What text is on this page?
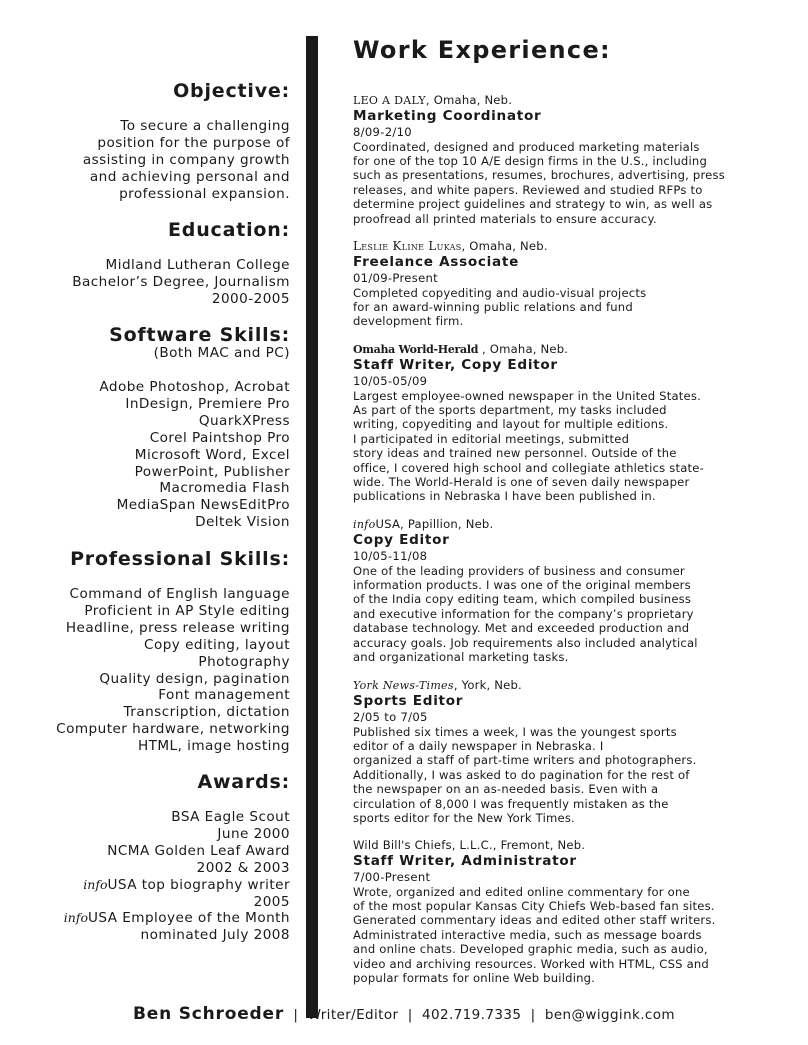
Objective:
To secure a challenging
position for the purpose of
assisting in company growth
and achieving personal and
professional expansion.
Education:
Midland Lutheran College
Bachelor’s Degree, Journalism
2000-2005
Software Skills:
(Both MAC and PC)
Adobe Photoshop, Acrobat
InDesign, Premiere Pro
QuarkXPress
Corel Paintshop Pro
Microsoft Word, Excel
PowerPoint, Publisher
Macromedia Flash
MediaSpan NewsEditPro
Deltek Vision
Professional Skills:
Command of English language
Proficient in AP Style editing
Headline, press release writing
Copy editing, layout
Photography
Quality design, pagination
Font management
Transcription, dictation
Computer hardware, networking
HTML, image hosting
Awards:
BSA Eagle Scout
June 2000
NCMA Golden Leaf Award
2002 & 2003
infoUSA top biography writer
2005
infoUSA Employee of the Month
nominated July 2008
Work Experience:
LEO A DALY, Omaha, Neb.
Marketing Coordinator
8/09-2/10
Coordinated, designed and produced marketing materials
for one of the top 10 A/E design firms in the U.S., including
such as presentations, resumes, brochures, advertising, press
releases, and white papers. Reviewed and studied RFPs to
determine project guidelines and strategy to win, as well as
proofread all printed materials to ensure accuracy.
Leslie Kline Lukas, Omaha, Neb.
Freelance Associate
01/09-Present
Completed copyediting and audio-visual projects
for an award-winning public relations and fund
development firm.
Omaha World-Herald , Omaha, Neb.
Staff Writer, Copy Editor
10/05-05/09
Largest employee-owned newspaper in the United States.
As part of the sports department, my tasks included
writing, copyediting and layout for multiple editions.
I participated in editorial meetings, submitted
story ideas and trained new personnel. Outside of the
office, I covered high school and collegiate athletics state-
wide. The World-Herald is one of seven daily newspaper
publications in Nebraska I have been published in.
infoUSA, Papillion, Neb.
Copy Editor
10/05-11/08
One of the leading providers of business and consumer
information products. I was one of the original members
of the India copy editing team, which compiled business
and executive information for the company’s proprietary
database technology. Met and exceeded production and
accuracy goals. Job requirements also included analytical
and organizational marketing tasks.
York News-Times, York, Neb.
Sports Editor
2/05 to 7/05
Published six times a week, I was the youngest sports
editor of a daily newspaper in Nebraska. I
organized a staff of part-time writers and photographers.
Additionally, I was asked to do pagination for the rest of
the newspaper on an as-needed basis. Even with a
circulation of 8,000 I was frequently mistaken as the
sports editor for the New York Times.
Wild Bill's Chiefs, L.L.C., Fremont, Neb.
Staff Writer, Administrator
7/00-Present
Wrote, organized and edited online commentary for one
of the most popular Kansas City Chiefs Web-based fan sites.
Generated commentary ideas and edited other staff writers.
Administrated interactive media, such as message boards
and online chats. Developed graphic media, such as audio,
video and archiving resources. Worked with HTML, CSS and
popular formats for online Web building.
Ben Schroeder | Writer/Editor | 402.719.7335 | ben@wiggink.com
